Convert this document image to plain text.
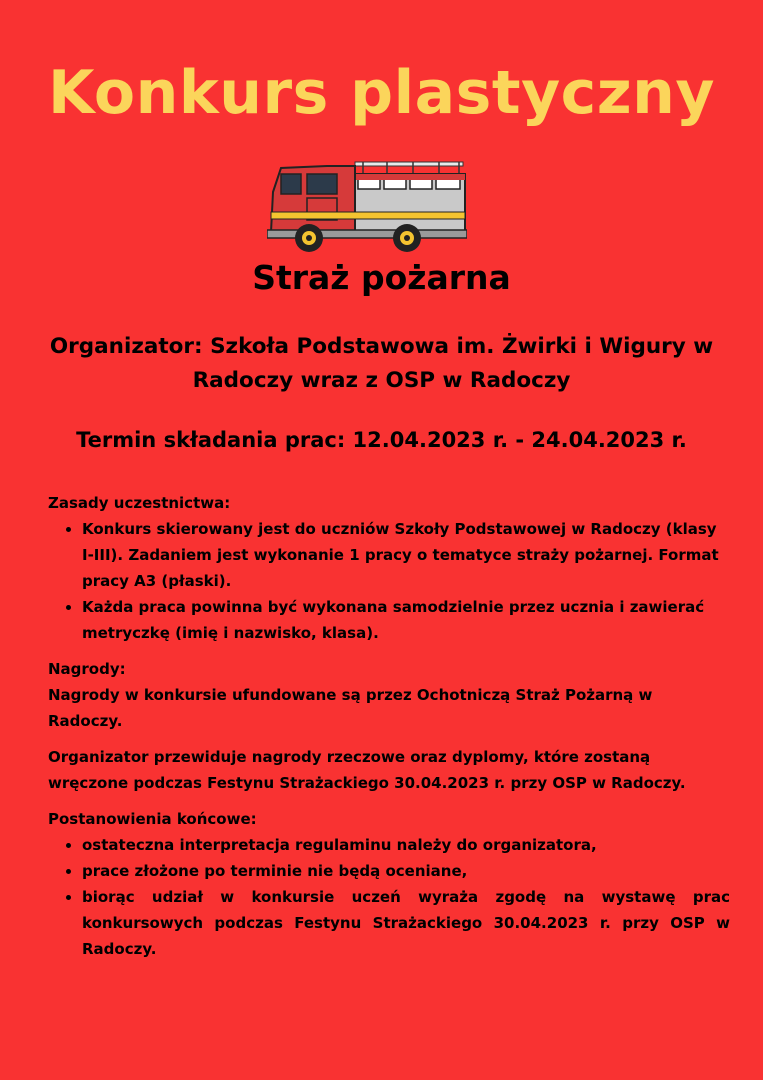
Konkurs plastyczny
Straż pożarna
Organizator: Szkoła Podstawowa im. Żwirki i Wigury w Radoczy wraz z OSP w Radoczy
Termin składania prac: 12.04.2023 r. - 24.04.2023 r.

Zasady uczestnictwa:

• Konkurs skierowany jest do uczniów Szkoły Podstawowej w Radoczy (klasy I-III). Zadaniem jest wykonanie 1 pracy o tematyce straży pożarnej. Format pracy A3 (płaski).
• Każda praca powinna być wykonana samodzielnie przez ucznia i zawierać metryczkę (imię i nazwisko, klasa).

Nagrody:

Nagrody w konkursie ufundowane są przez Ochotniczą Straż Pożarną w Radoczy.

Organizator przewiduje nagrody rzeczowe oraz dyplomy, które zostaną wręczone podczas Festynu Strażackiego 30.04.2023 r. przy OSP w Radoczy.

Postanowienia końcowe:

• ostateczna interpretacja regulaminu należy do organizatora,
• prace złożone po terminie nie będą oceniane,
• biorąc udział w konkursie uczeń wyraża zgodę na wystawę prac konkursowych podczas Festynu Strażackiego 30.04.2023 r. przy OSP w Radoczy.
